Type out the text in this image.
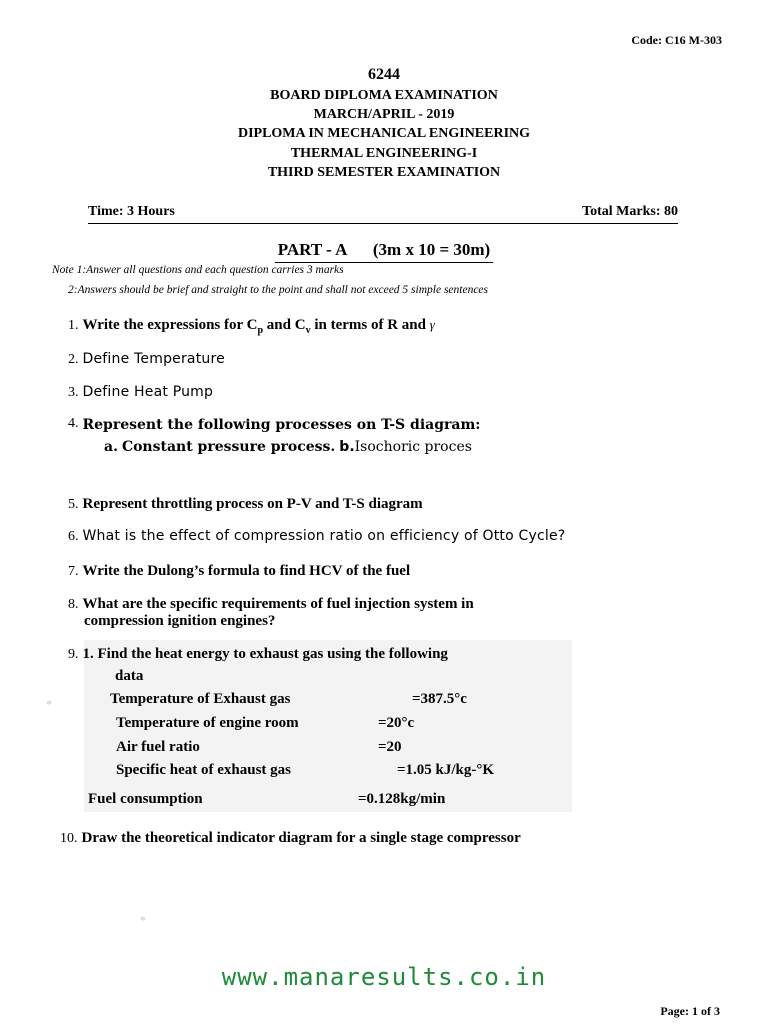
Code: C16 M-303
6244
BOARD DIPLOMA EXAMINATION
MARCH/APRIL - 2019
DIPLOMA IN MECHANICAL ENGINEERING
THERMAL ENGINEERING-I
THIRD SEMESTER EXAMINATION
Time: 3 Hours	Total Marks: 80
PART - A (3m x 10 = 30m)
Note 1:Answer all questions and each question carries 3 marks
2:Answers should be brief and straight to the point and shall not exceed 5 simple sentences
1. Write the expressions for $C_p$ and $C_v$ in terms of R and γ
2. Define Temperature
3. Define Heat Pump
4. Represent the following processes on T-S diagram:
a. Constant pressure process. b.Isochoric proces
5. Represent throttling process on P-V and T-S diagram
6. What is the effect of compression ratio on efficiency of Otto Cycle?
7. Write the Dulong’s formula to find HCV of the fuel
8. What are the specific requirements of fuel injection system in
compression ignition engines?
9. 1. Find the heat energy to exhaust gas using the following
data
Temperature of Exhaust gas	=387.5°c
Temperature of engine room	=20°c
Air fuel ratio	=20
Specific heat of exhaust gas	=1.05 kJ/kg-°K
Fuel consumption	=0.128kg/min
10. Draw the theoretical indicator diagram for a single stage compressor
*
*
www.manaresults.co.in
Page: 1 of 3
